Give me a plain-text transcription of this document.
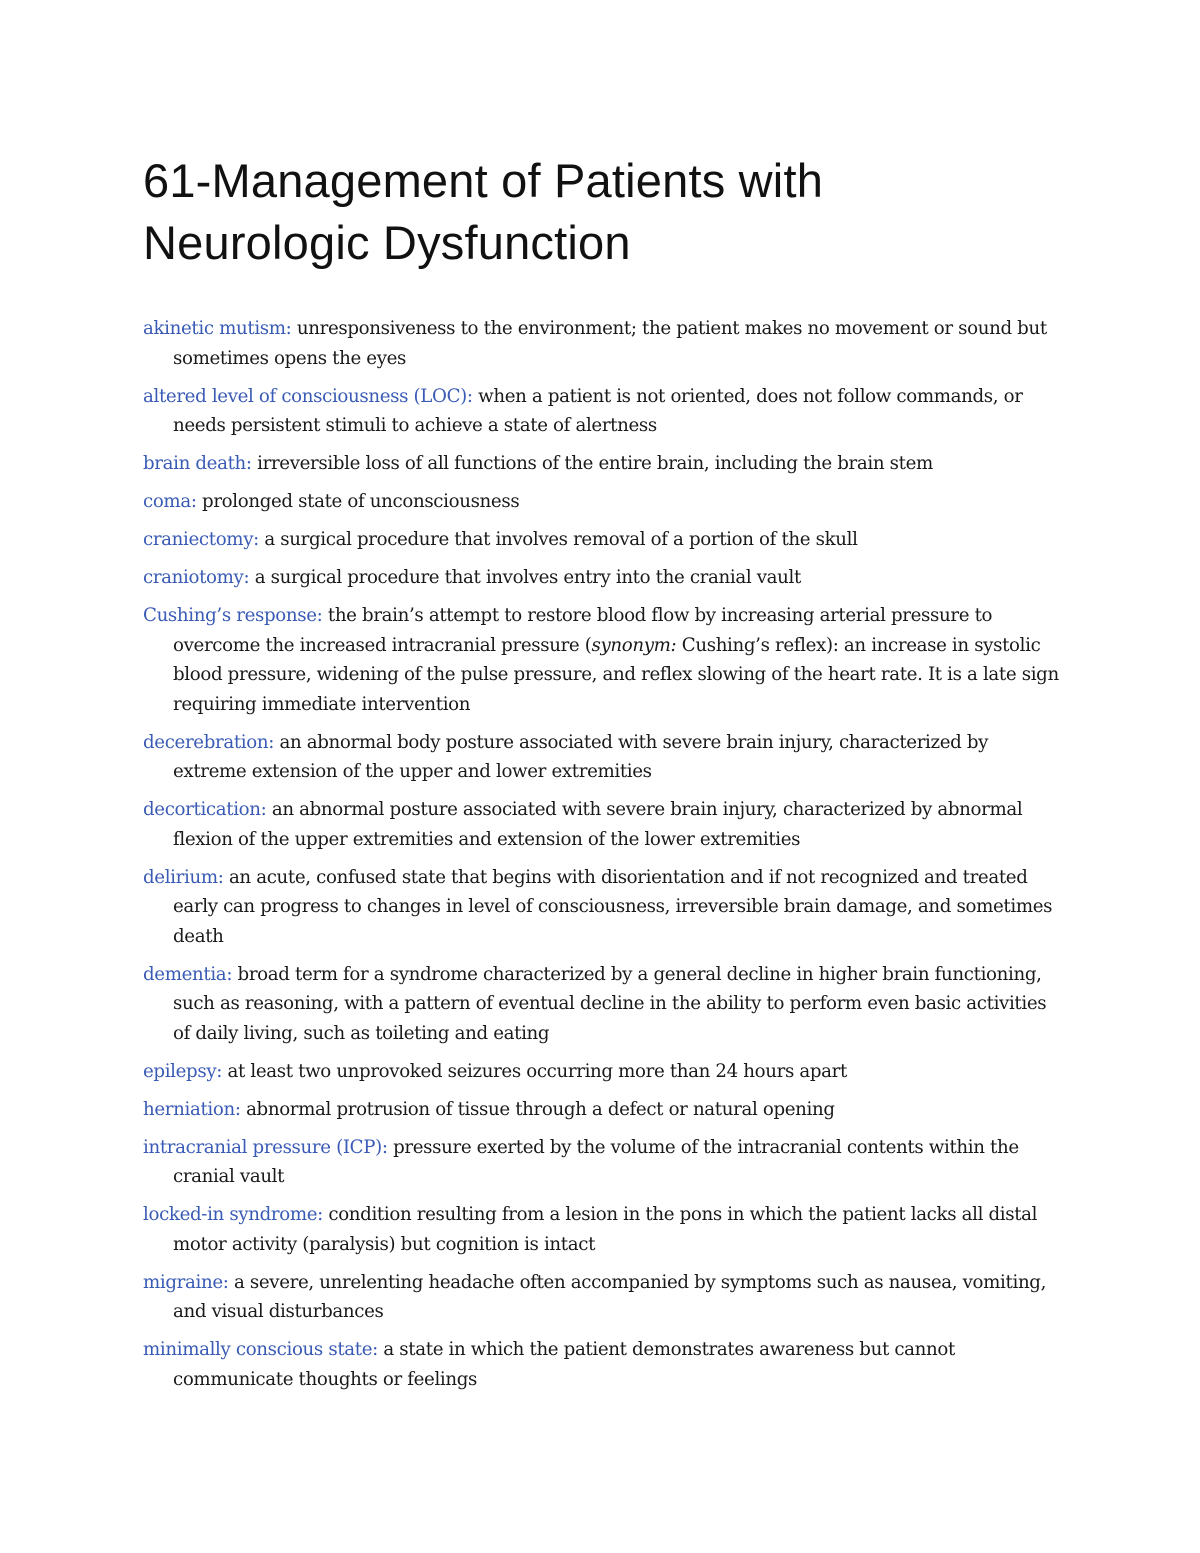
61-Management of Patients with
Neurologic Dysfunction

akinetic mutism: unresponsiveness to the environment; the patient makes no movement or sound but sometimes opens the eyes

altered level of consciousness (LOC): when a patient is not oriented, does not follow commands, or needs persistent stimuli to achieve a state of alertness

brain death: irreversible loss of all functions of the entire brain, including the brain stem

coma: prolonged state of unconsciousness

craniectomy: a surgical procedure that involves removal of a portion of the skull

craniotomy: a surgical procedure that involves entry into the cranial vault

Cushing’s response: the brain’s attempt to restore blood flow by increasing arterial pressure to overcome the increased intracranial pressure (synonym: Cushing’s reflex): an increase in systolic blood pressure, widening of the pulse pressure, and reflex slowing of the heart rate. It is a late sign requiring immediate intervention

decerebration: an abnormal body posture associated with severe brain injury, characterized by extreme extension of the upper and lower extremities

decortication: an abnormal posture associated with severe brain injury, characterized by abnormal flexion of the upper extremities and extension of the lower extremities

delirium: an acute, confused state that begins with disorientation and if not recognized and treated early can progress to changes in level of consciousness, irreversible brain damage, and sometimes death

dementia: broad term for a syndrome characterized by a general decline in higher brain functioning, such as reasoning, with a pattern of eventual decline in the ability to perform even basic activities of daily living, such as toileting and eating

epilepsy: at least two unprovoked seizures occurring more than 24 hours apart

herniation: abnormal protrusion of tissue through a defect or natural opening

intracranial pressure (ICP): pressure exerted by the volume of the intracranial contents within the cranial vault

locked-in syndrome: condition resulting from a lesion in the pons in which the patient lacks all distal motor activity (paralysis) but cognition is intact

migraine: a severe, unrelenting headache often accompanied by symptoms such as nausea, vomiting, and visual disturbances

minimally conscious state: a state in which the patient demonstrates awareness but cannot communicate thoughts or feelings
